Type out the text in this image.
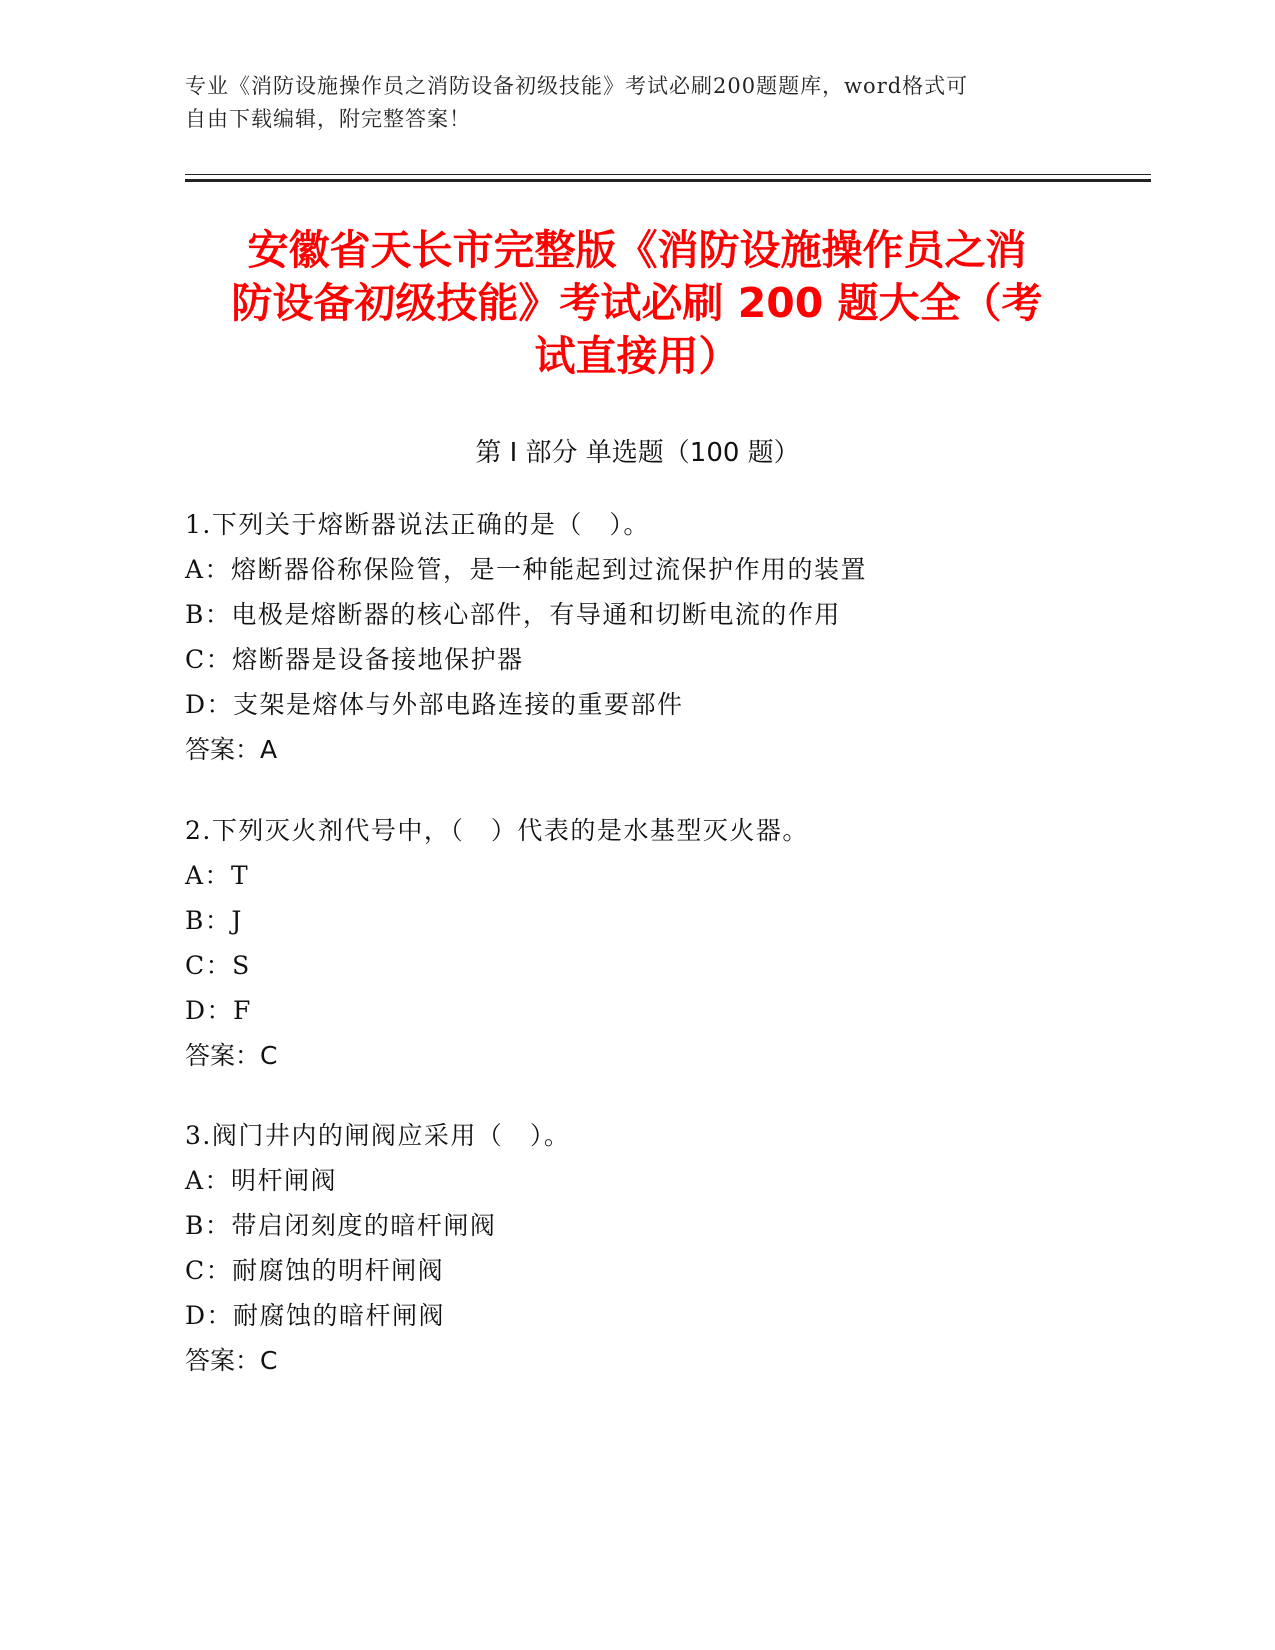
专业《消防设施操作员之消防设备初级技能》考试必刷200题题库，word格式可
自由下载编辑，附完整答案！
安徽省天长市完整版《消防设施操作员之消
防设备初级技能》考试必刷 200 题大全（考
试直接用）
第 I 部分 单选题（100 题）
1.下列关于熔断器说法正确的是（　）。
A：熔断器俗称保险管，是一种能起到过流保护作用的装置
B：电极是熔断器的核心部件，有导通和切断电流的作用
C：熔断器是设备接地保护器
D：支架是熔体与外部电路连接的重要部件
答案：A
2.下列灭火剂代号中，（　）代表的是水基型灭火器。
A：T
B：J
C：S
D：F
答案：C
3.阀门井内的闸阀应采用（　）。
A：明杆闸阀
B：带启闭刻度的暗杆闸阀
C：耐腐蚀的明杆闸阀
D：耐腐蚀的暗杆闸阀
答案：C
